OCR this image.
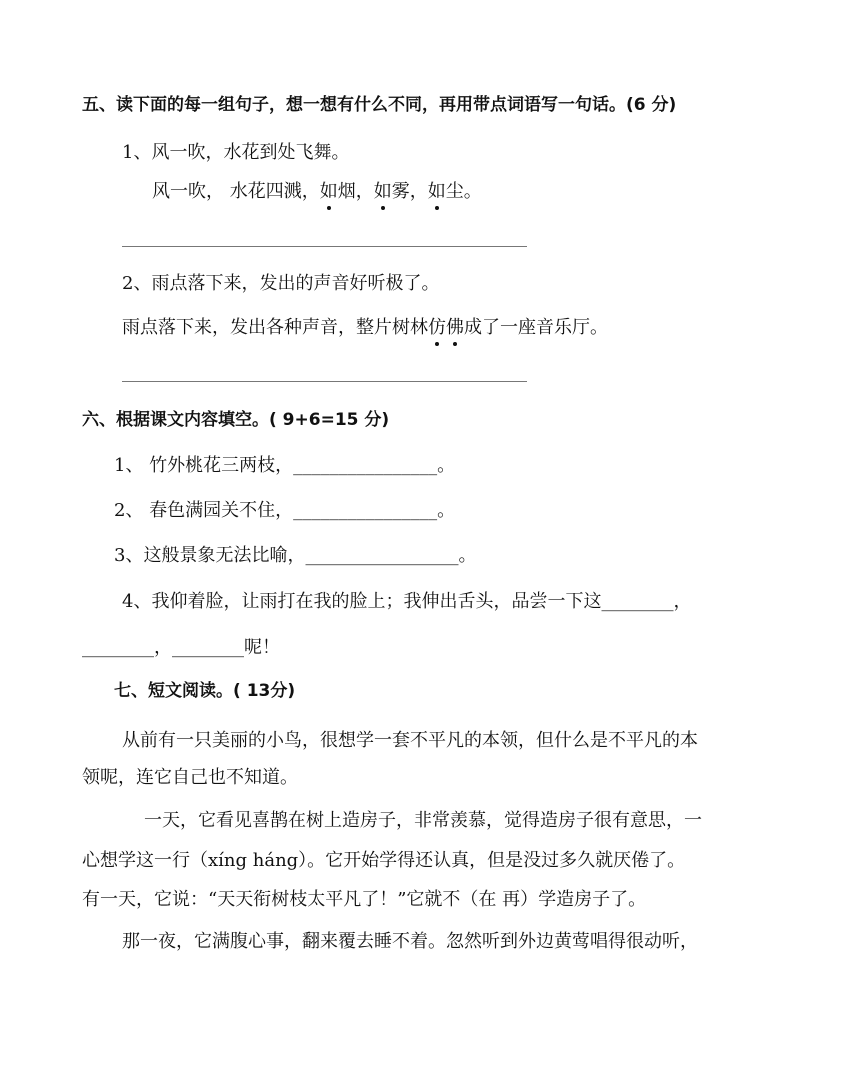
五、读下面的每一组句子，想一想有什么不同，再用带点词语写一句话。(6 分)
1、风一吹，水花到处飞舞。
风一吹， 水花四溅，如烟，如雾，如尘。
2、雨点落下来，发出的声音好听极了。
雨点落下来，发出各种声音，整片树林仿佛成了一座音乐厅。
六、根据课文内容填空。( 9+6=15 分)
1、 竹外桃花三两枝，________________。
2、 春色满园关不住，________________。
3、这般景象无法比喻，_________________。
4、我仰着脸，让雨打在我的脸上；我伸出舌头，品尝一下这________，
________，________呢！
七、短文阅读。( 13分)
从前有一只美丽的小鸟，很想学一套不平凡的本领，但什么是不平凡的本
领呢，连它自己也不知道。
一天，它看见喜鹊在树上造房子，非常羡慕，觉得造房子很有意思，一
心想学这一行（xíng háng）。它开始学得还认真，但是没过多久就厌倦了。
有一天，它说：“天天衔树枝太平凡了！”它就不（在 再）学造房子了。
那一夜，它满腹心事，翻来覆去睡不着。忽然听到外边黄莺唱得很动听，
